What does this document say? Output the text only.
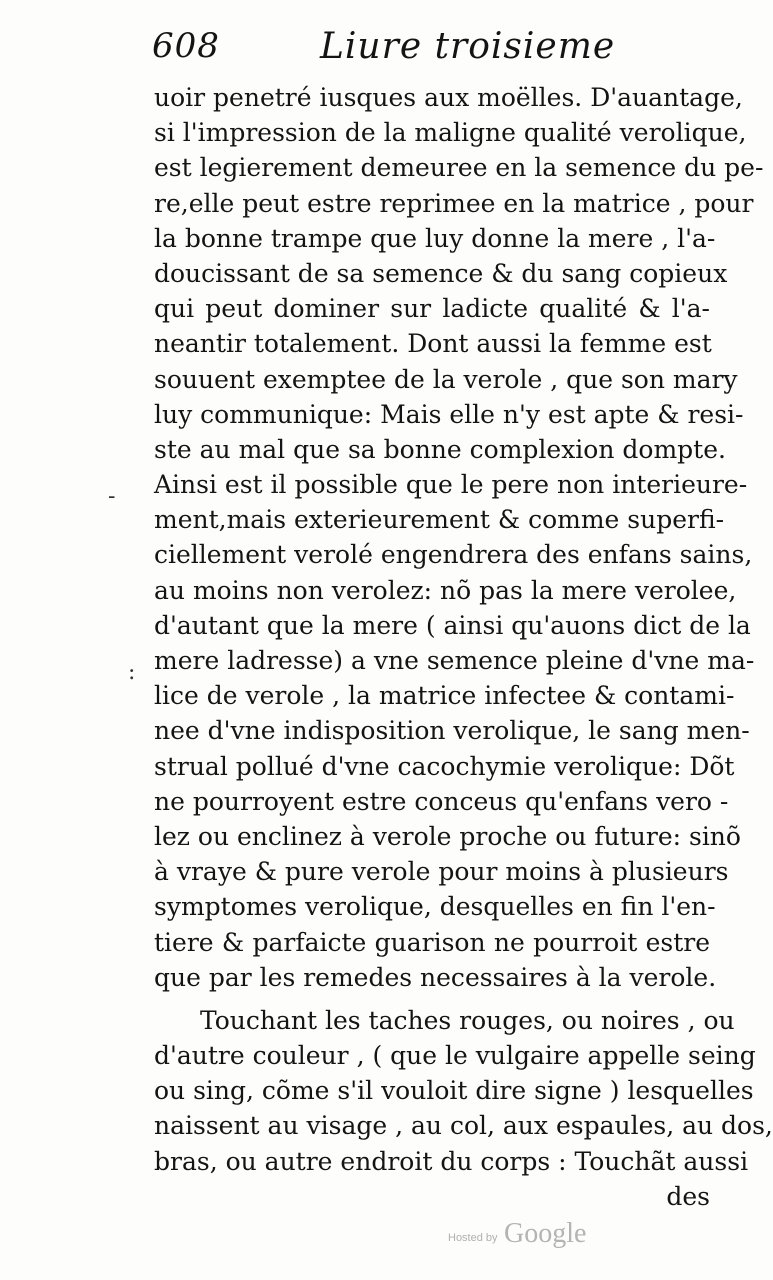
608	Liure troisieme
-
:
uoir penetré iusques aux moëlles. D'auantage,
si l'impression de la maligne qualité verolique,
est legierement demeuree en la semence du pe-
re,elle peut estre reprimee en la matrice , pour
la bonne trampe que luy donne la mere , l'a-
doucissant de sa semence & du sang copieux
qui peut dominer sur ladicte qualité & l'a-
neantir totalement. Dont aussi la femme est
souuent exemptee de la verole , que son mary
luy communique: Mais elle n'y est apte & resi-
ste au mal que sa bonne complexion dompte.
Ainsi est il possible que le pere non interieure-
ment,mais exterieurement & comme superfi-
ciellement verolé engendrera des enfans sains,
au moins non verolez: nõ pas la mere verolee,
d'autant que la mere ( ainsi qu'auons dict de la
mere ladresse) a vne semence pleine d'vne ma-
lice de verole , la matrice infectee & contami-
nee d'vne indisposition verolique, le sang men-
strual pollué d'vne cacochymie verolique: Dõt
ne pourroyent estre conceus qu'enfans vero -
lez ou enclinez à verole proche ou future: sinõ
à vraye & pure verole pour moins à plusieurs
symptomes verolique, desquelles en fin l'en-
tiere & parfaicte guarison ne pourroit estre
que par les remedes necessaires à la verole.
Touchant les taches rouges, ou noires , ou
d'autre couleur , ( que le vulgaire appelle seing
ou sing, cõme s'il vouloit dire signe ) lesquelles
naissent au visage , au col, aux espaules, au dos,
bras, ou autre endroit du corps : Touchãt aussi
des
Hosted by Google
